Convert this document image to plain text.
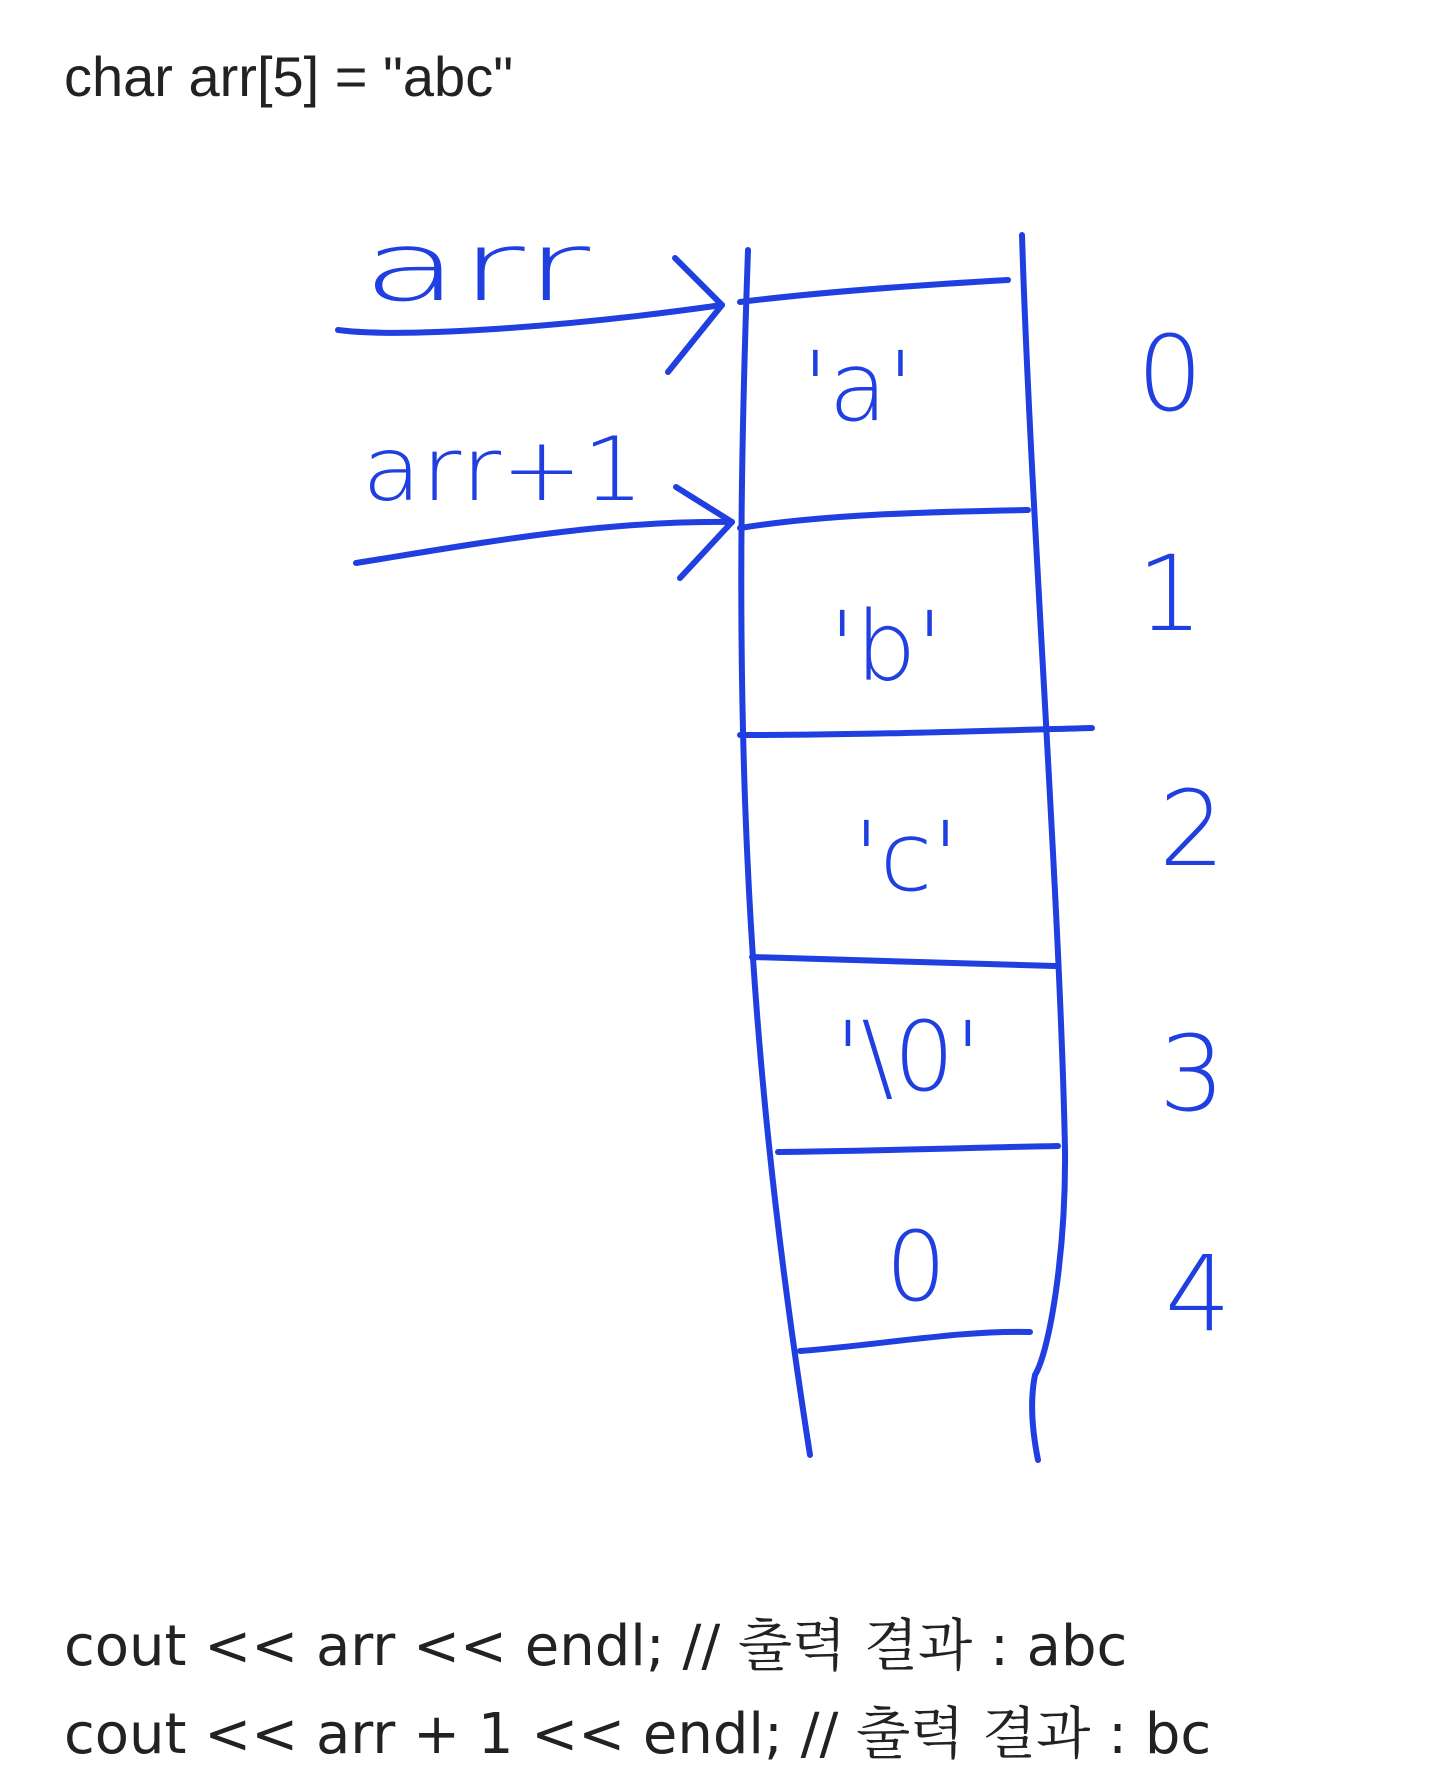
char arr[5] = "abc"
arr
arr+1
'a'
'b'
'c'
'\0'
0
0
1
2
3
4
cout << arr << endl; // 출력 결과 : abc
cout << arr + 1 << endl; // 출력 결과 : bc
